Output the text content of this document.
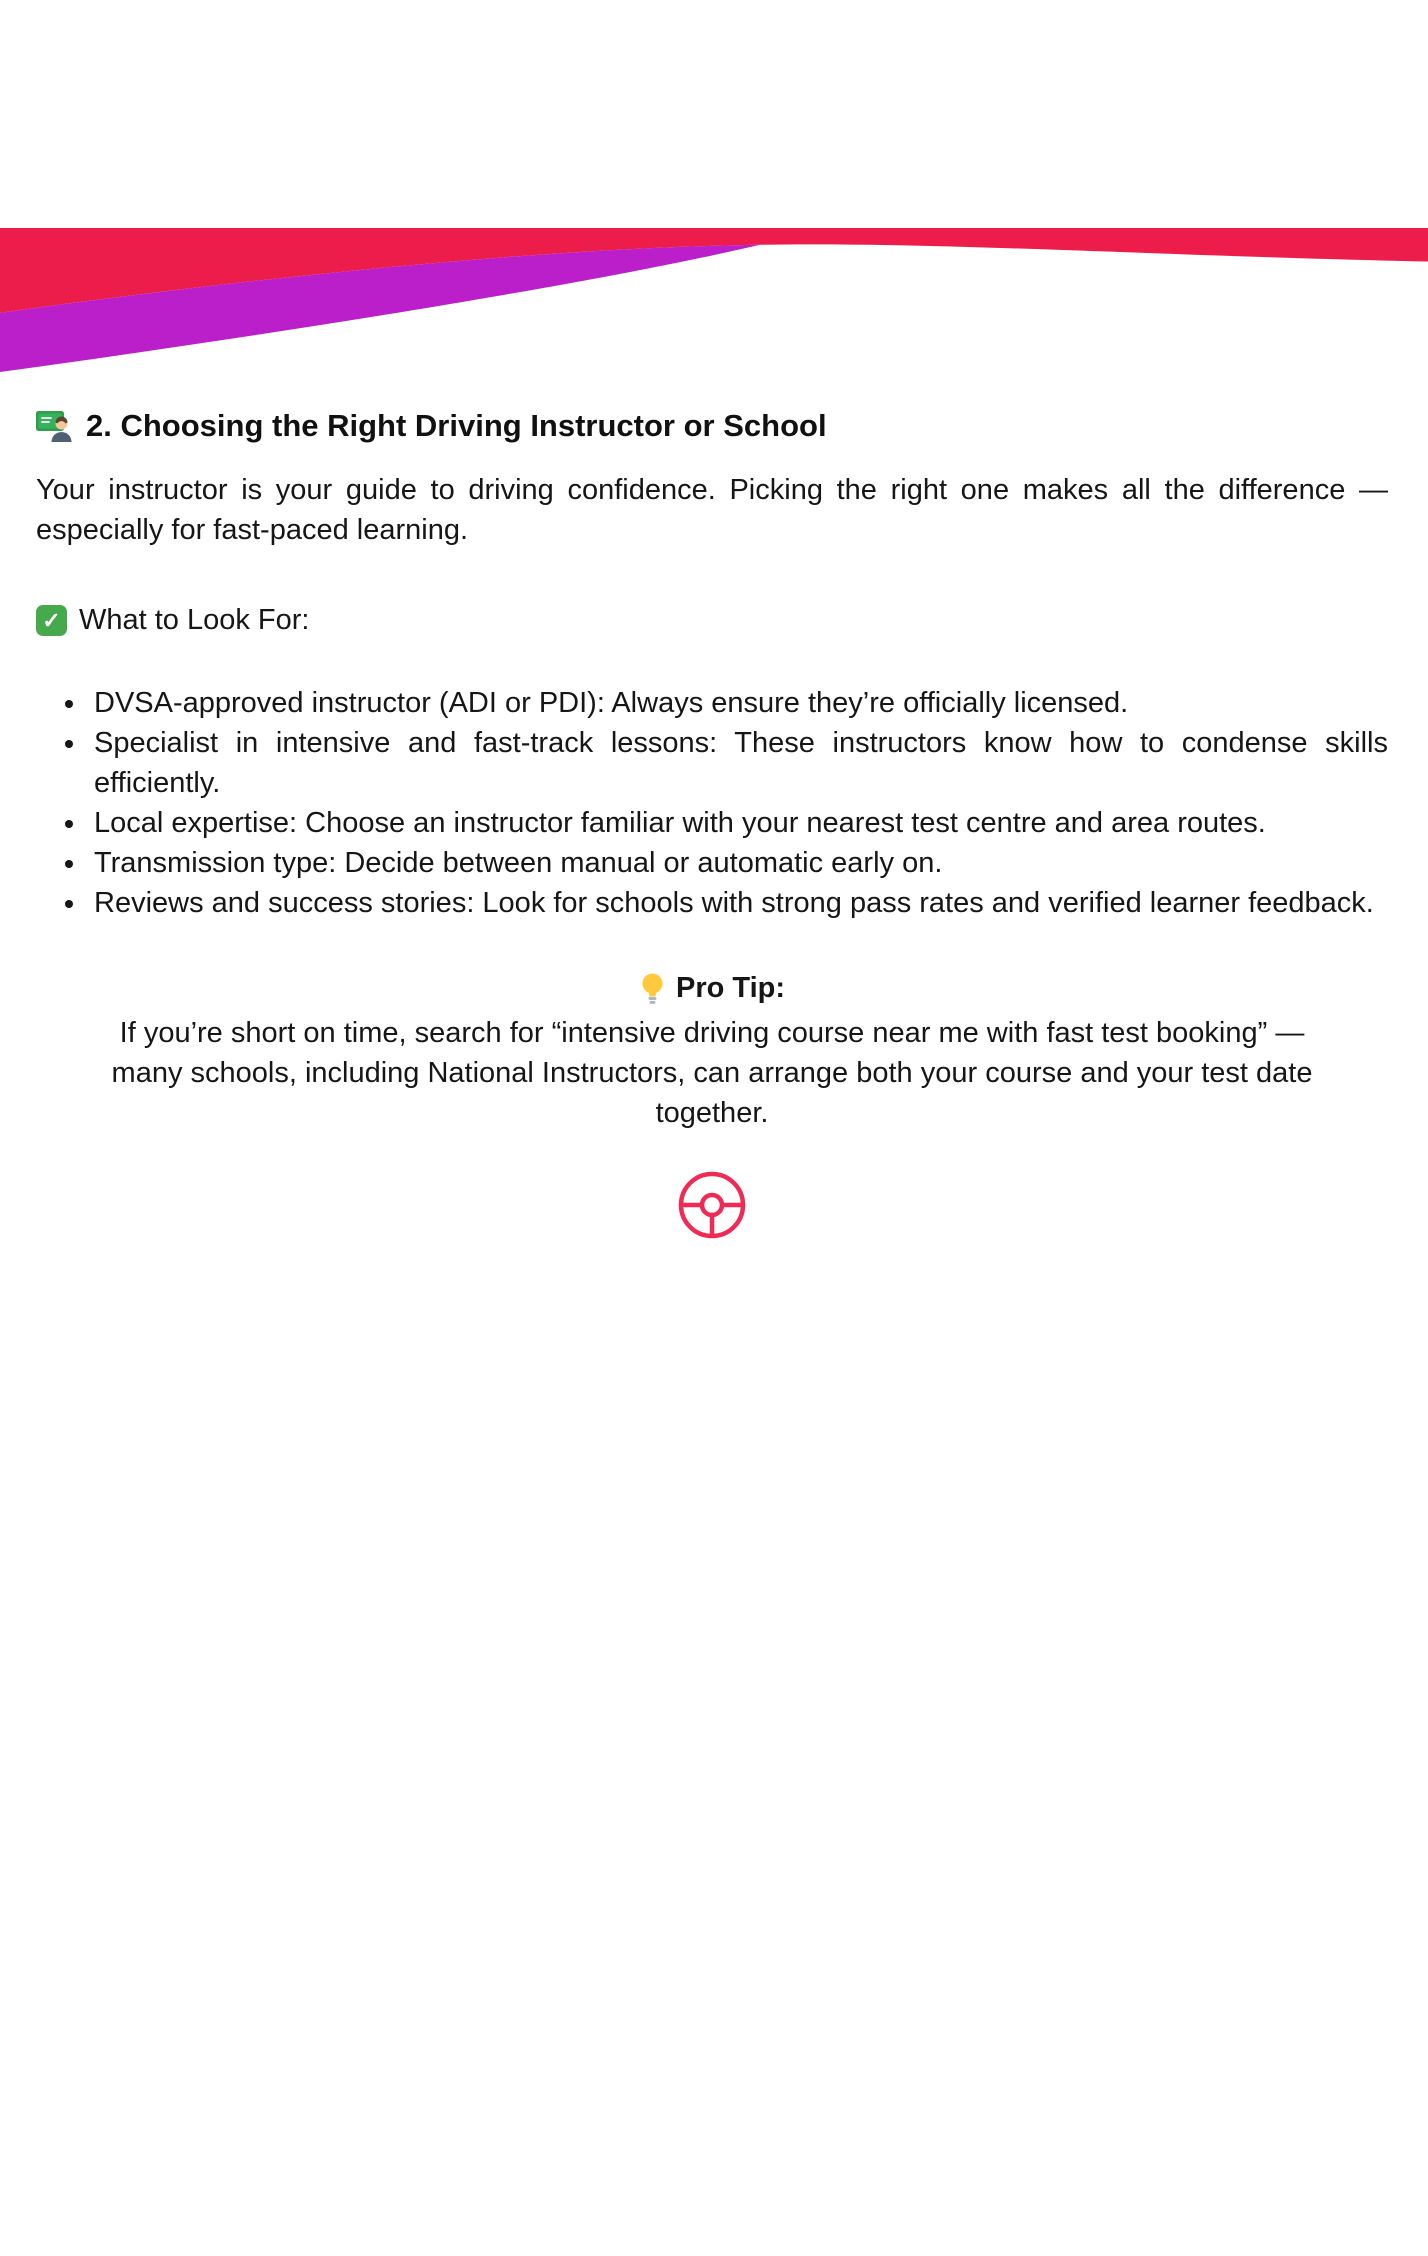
2. Choosing the Right Driving Instructor or School

Your instructor is your guide to driving confidence. Picking the right one makes all the difference — especially for fast-paced learning.

✓ What to Look For:
• DVSA-approved instructor (ADI or PDI): Always ensure they’re officially licensed.
• Specialist in intensive and fast-track lessons: These instructors know how to condense skills efficiently.
• Local expertise: Choose an instructor familiar with your nearest test centre and area routes.
• Transmission type: Decide between manual or automatic early on.
• Reviews and success stories: Look for schools with strong pass rates and verified learner feedback.
Pro Tip:

If you’re short on time, search for “intensive driving course near me with fast test booking” — many schools, including National Instructors, can arrange both your course and your test date together.
